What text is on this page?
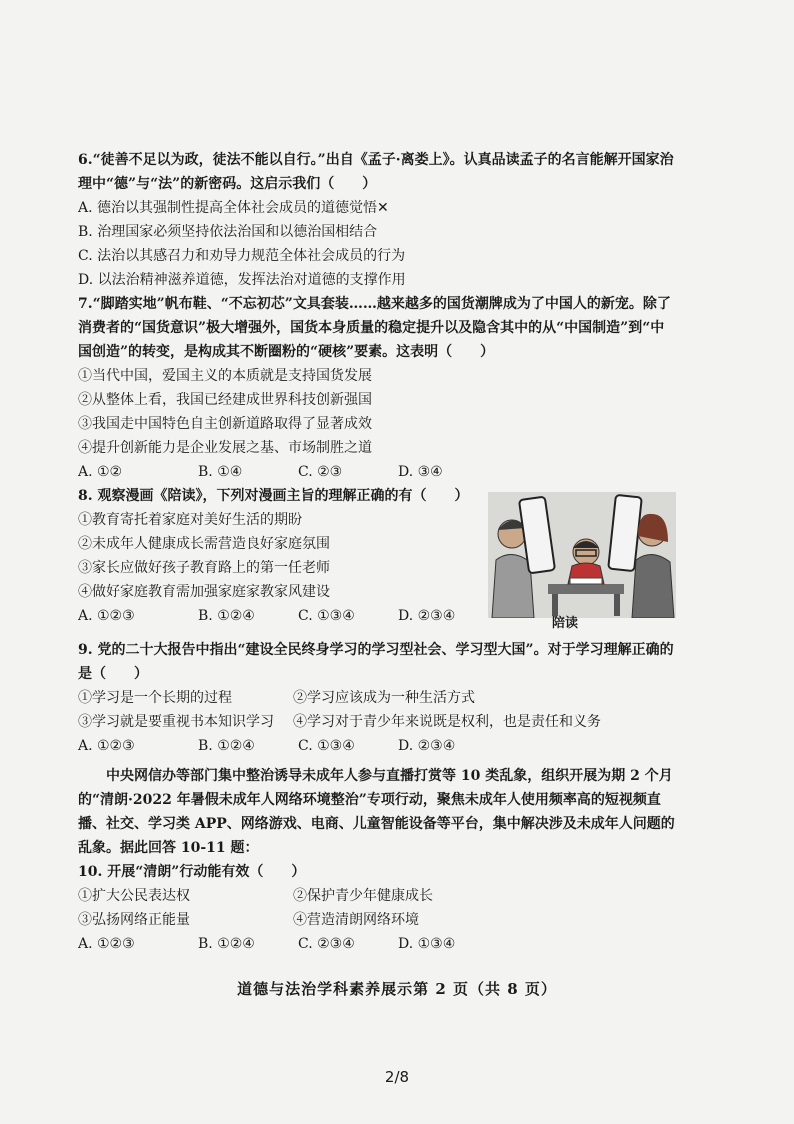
6.“徒善不足以为政，徒法不能以自行。”出自《孟子·离娄上》。认真品读孟子的名言能解开国家治理中“德”与“法”的新密码。这启示我们（　　）
A. 德治以其强制性提高全体社会成员的道德觉悟✕
B. 治理国家必须坚持依法治国和以德治国相结合
C. 法治以其感召力和劝导力规范全体社会成员的行为
D. 以法治精神滋养道德，发挥法治对道德的支撑作用
7.“脚踏实地”帆布鞋、“不忘初芯”文具套装……越来越多的国货潮牌成为了中国人的新宠。除了消费者的“国货意识”极大增强外，国货本身质量的稳定提升以及隐含其中的从“中国制造”到“中国创造”的转变，是构成其不断圈粉的“硬核”要素。这表明（　　）
①当代中国，爱国主义的本质就是支持国货发展
②从整体上看，我国已经建成世界科技创新强国
③我国走中国特色自主创新道路取得了显著成效
④提升创新能力是企业发展之基、市场制胜之道
A. ①②	B. ①④	C. ②③	D. ③④
8. 观察漫画《陪读》，下列对漫画主旨的理解正确的有（　　）
①教育寄托着家庭对美好生活的期盼
②未成年人健康成长需营造良好家庭氛围
③家长应做好孩子教育路上的第一任老师
④做好家庭教育需加强家庭家教家风建设
A. ①②③	B. ①②④	C. ①③④	D. ②③④	陪读
9. 党的二十大报告中指出“建设全民终身学习的学习型社会、学习型大国”。对于学习理解正确的是（　　）
①学习是一个长期的过程	②学习应该成为一种生活方式
③学习就是要重视书本知识学习	④学习对于青少年来说既是权利，也是责任和义务
A. ①②③	B. ①②④	C. ①③④	D. ②③④

中央网信办等部门集中整治诱导未成年人参与直播打赏等 10 类乱象，组织开展为期 2 个月的“清朗·2022 年暑假未成年人网络环境整治”专项行动，聚焦未成年人使用频率高的短视频直播、社交、学习类 APP、网络游戏、电商、儿童智能设备等平台，集中解决涉及未成年人问题的乱象。据此回答 10-11 题：

10. 开展“清朗”行动能有效（　　）
①扩大公民表达权	②保护青少年健康成长
③弘扬网络正能量	④营造清朗网络环境
A. ①②③	B. ①②④	C. ②③④	D. ①③④
道德与法治学科素养展示第 2 页（共 8 页）
2/8
